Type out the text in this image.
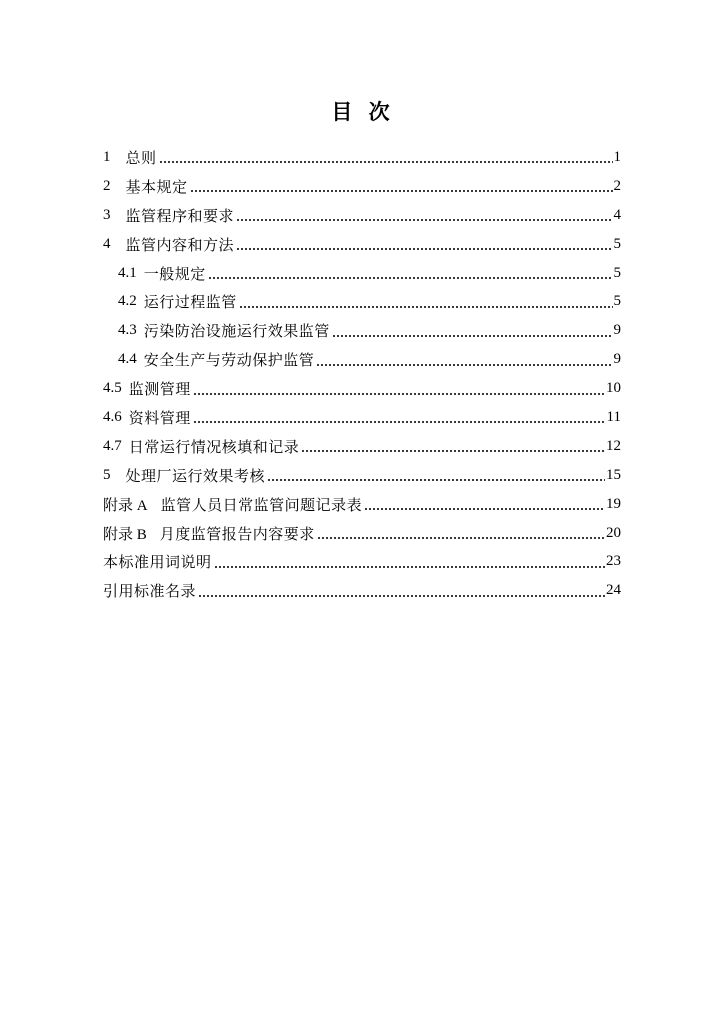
目 次
1 总则	1
2 基本规定	2
3 监管程序和要求	4
4 监管内容和方法	5
4.1 一般规定	5
4.2 运行过程监管	5
4.3 污染防治设施运行效果监管	9
4.4 安全生产与劳动保护监管	9
4.5 监测管理	10
4.6 资料管理	11
4.7 日常运行情况核填和记录	12
5 处理厂运行效果考核	15
附录 A 监管人员日常监管问题记录表	19
附录 B 月度监管报告内容要求	20
本标准用词说明	23
引用标准名录	24
